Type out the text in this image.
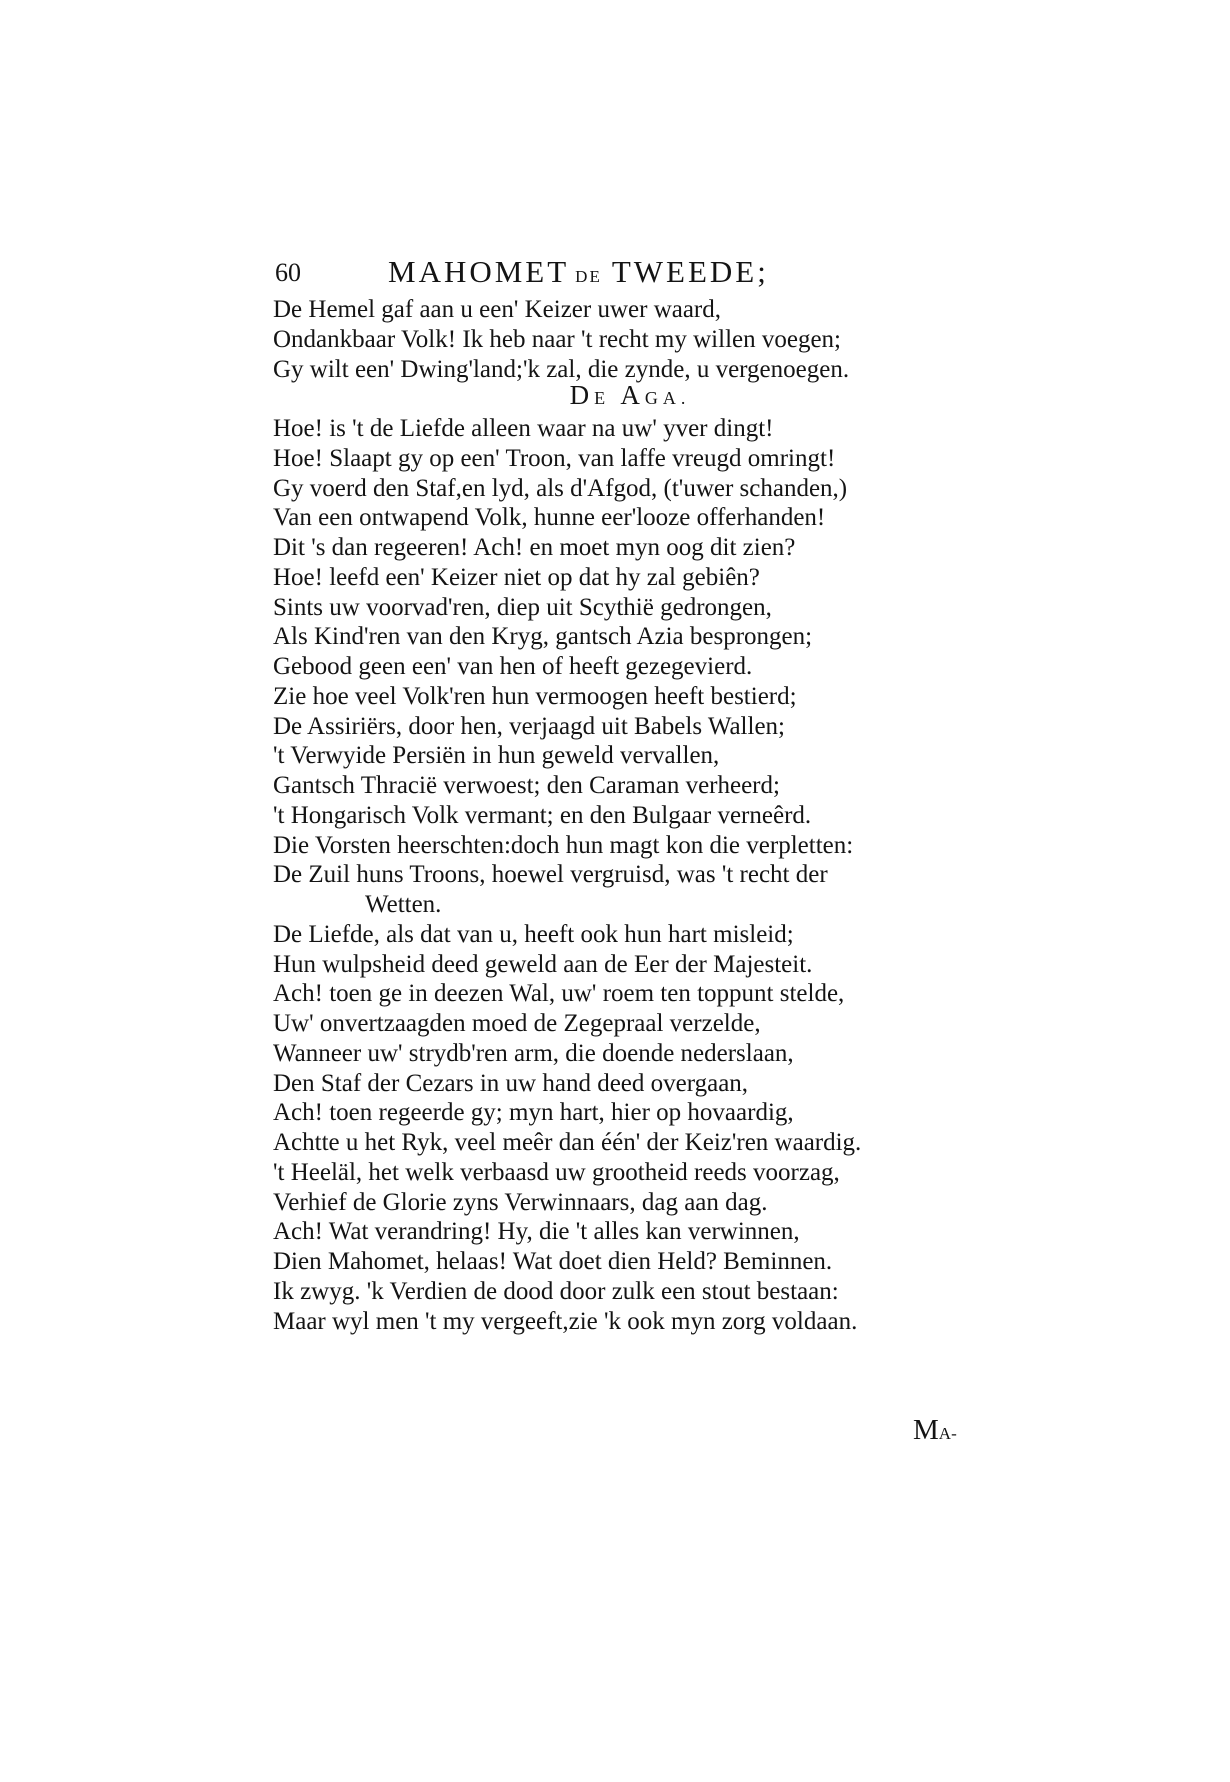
60	MAHOMET DE TWEEDE;
De Hemel gaf aan u een' Keizer uwer waard,
Ondankbaar Volk! Ik heb naar 't recht my willen voegen;
Gy wilt een' Dwing'land;'k zal, die zynde, u vergenoegen.
Hoe! is 't de Liefde alleen waar na uw' yver dingt!
Hoe! Slaapt gy op een' Troon, van laffe vreugd omringt!
Gy voerd den Staf,en lyd, als d'Afgod, (t'uwer schanden,)
Van een ontwapend Volk, hunne eer'looze offerhanden!
Dit 's dan regeeren! Ach! en moet myn oog dit zien?
Hoe! leefd een' Keizer niet op dat hy zal gebiên?
Sints uw voorvad'ren, diep uit Scythië gedrongen,
Als Kind'ren van den Kryg, gantsch Azia besprongen;
Gebood geen een' van hen of heeft gezegevierd.
Zie hoe veel Volk'ren hun vermoogen heeft bestierd;
De Assiriërs, door hen, verjaagd uit Babels Wallen;
't Verwyide Persiën in hun geweld vervallen,
Gantsch Thracië verwoest; den Caraman verheerd;
't Hongarisch Volk vermant; en den Bulgaar verneêrd.
Die Vorsten heerschten:doch hun magt kon die verpletten:
De Zuil huns Troons, hoewel vergruisd, was 't recht der
Wetten.
De Liefde, als dat van u, heeft ook hun hart misleid;
Hun wulpsheid deed geweld aan de Eer der Majesteit.
Ach! toen ge in deezen Wal, uw' roem ten toppunt stelde,
Uw' onvertzaagden moed de Zegepraal verzelde,
Wanneer uw' strydb'ren arm, die doende nederslaan,
Den Staf der Cezars in uw hand deed overgaan,
Ach! toen regeerde gy; myn hart, hier op hovaardig,
Achtte u het Ryk, veel meêr dan één' der Keiz'ren waardig.
't Heeläl, het welk verbaasd uw grootheid reeds voorzag,
Verhief de Glorie zyns Verwinnaars, dag aan dag.
Ach! Wat verandring! Hy, die 't alles kan verwinnen,
Dien Mahomet, helaas! Wat doet dien Held? Beminnen.
Ik zwyg. 'k Verdien de dood door zulk een stout bestaan:
Maar wyl men 't my vergeeft,zie 'k ook myn zorg voldaan.
DE AGA.
MA-
